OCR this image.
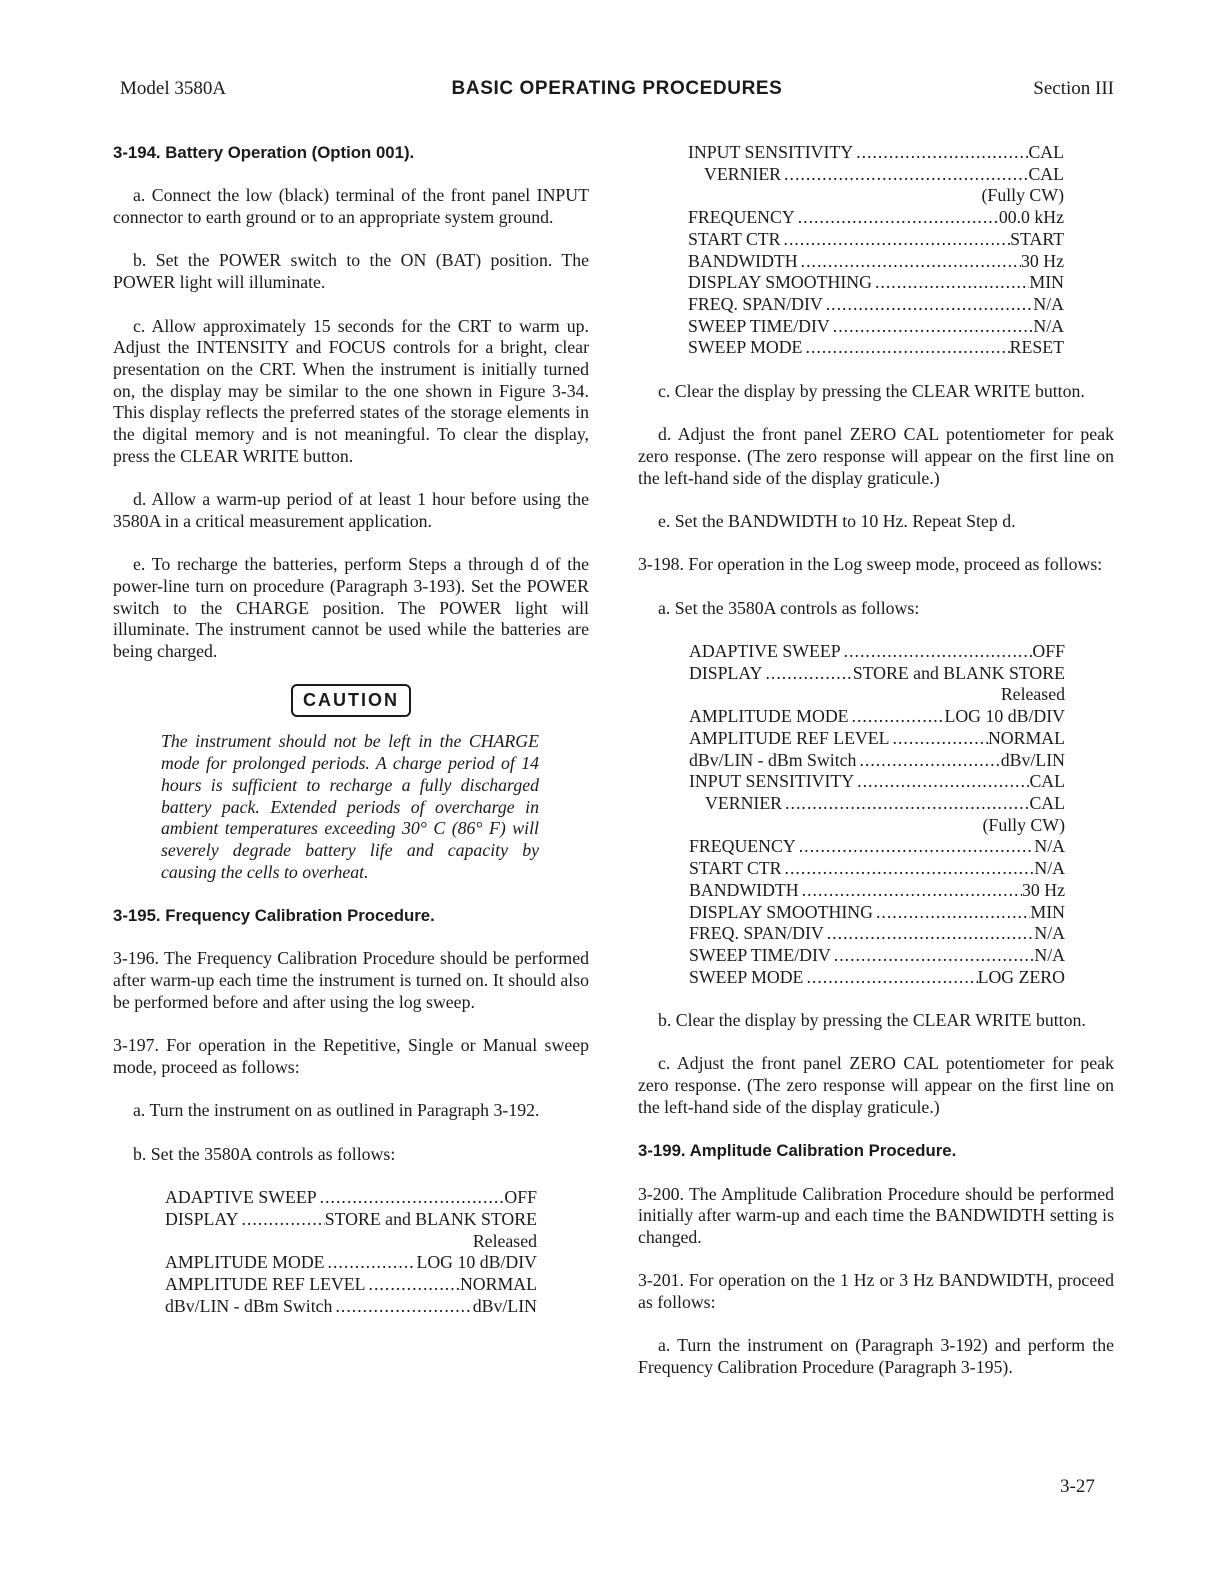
Model 3580A	BASIC OPERATING PROCEDURES	Section III
3-194. Battery Operation (Option 001).

a. Connect the low (black) terminal of the front panel INPUT connector to earth ground or to an appropriate system ground.

b. Set the POWER switch to the ON (BAT) position. The POWER light will illuminate.

c. Allow approximately 15 seconds for the CRT to warm up. Adjust the INTENSITY and FOCUS controls for a bright, clear presentation on the CRT. When the instrument is initially turned on, the display may be similar to the one shown in Figure 3-34. This display reflects the preferred states of the storage elements in the digital memory and is not meaningful. To clear the display, press the CLEAR WRITE button.

d. Allow a warm-up period of at least 1 hour before using the 3580A in a critical measurement application.

e. To recharge the batteries, perform Steps a through d of the power-line turn on procedure (Paragraph 3-193). Set the POWER switch to the CHARGE position. The POWER light will illuminate. The instrument cannot be used while the batteries are being charged.

CAUTION

The instrument should not be left in the CHARGE mode for prolonged periods. A charge period of 14 hours is sufficient to recharge a fully discharged battery pack. Extended periods of overcharge in ambient temperatures exceeding 30° C (86° F) will severely degrade battery life and capacity by causing the cells to overheat.

3-195. Frequency Calibration Procedure.

3-196. The Frequency Calibration Procedure should be performed after warm-up each time the instrument is turned on. It should also be performed before and after using the log sweep.

3-197. For operation in the Repetitive, Single or Manual sweep mode, proceed as follows:

a. Turn the instrument on as outlined in Paragraph 3-192.

b. Set the 3580A controls as follows:

ADAPTIVE SWEEP .....	OFF
DISPLAY .....	STORE and BLANK STORE
Released
AMPLITUDE MODE .....	LOG 10 dB/DIV
AMPLITUDE REF LEVEL .....	NORMAL
dBv/LIN - dBm Switch .....	dBv/LIN
INPUT SENSITIVITY .....	CAL
VERNIER .....	CAL
(Fully CW)
FREQUENCY .....	00.0 kHz
START CTR .....	START
BANDWIDTH .....	30 Hz
DISPLAY SMOOTHING .....	MIN
FREQ. SPAN/DIV .....	N/A
SWEEP TIME/DIV .....	N/A
SWEEP MODE .....	RESET

c. Clear the display by pressing the CLEAR WRITE button.

d. Adjust the front panel ZERO CAL potentiometer for peak zero response. (The zero response will appear on the first line on the left-hand side of the display graticule.)

e. Set the BANDWIDTH to 10 Hz. Repeat Step d.

3-198. For operation in the Log sweep mode, proceed as follows:

a. Set the 3580A controls as follows:

ADAPTIVE SWEEP .....	OFF
DISPLAY .....	STORE and BLANK STORE
Released
AMPLITUDE MODE .....	LOG 10 dB/DIV
AMPLITUDE REF LEVEL .....	NORMAL
dBv/LIN - dBm Switch .....	dBv/LIN
INPUT SENSITIVITY .....	CAL
VERNIER .....	CAL
(Fully CW)
FREQUENCY .....	N/A
START CTR .....	N/A
BANDWIDTH .....	30 Hz
DISPLAY SMOOTHING .....	MIN
FREQ. SPAN/DIV .....	N/A
SWEEP TIME/DIV .....	N/A
SWEEP MODE .....	LOG ZERO

b. Clear the display by pressing the CLEAR WRITE button.

c. Adjust the front panel ZERO CAL potentiometer for peak zero response. (The zero response will appear on the first line on the left-hand side of the display graticule.)

3-199. Amplitude Calibration Procedure.

3-200. The Amplitude Calibration Procedure should be performed initially after warm-up and each time the BANDWIDTH setting is changed.

3-201. For operation on the 1 Hz or 3 Hz BANDWIDTH, proceed as follows:

a. Turn the instrument on (Paragraph 3-192) and perform the Frequency Calibration Procedure (Paragraph 3-195).

3-27
